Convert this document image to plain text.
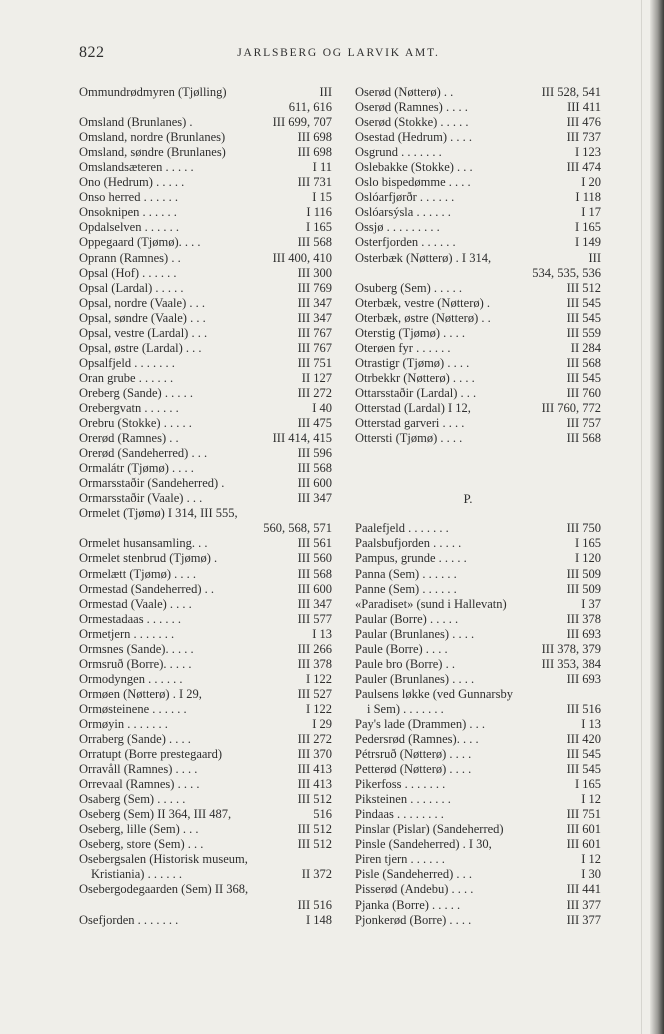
822	JARLSBERG OG LARVIK AMT.
Ommundrødmyren (Tjølling)	III
611, 616
Omsland (Brunlanes) .	III 699, 707
Omsland, nordre (Brunlanes)	III 698
Omsland, søndre (Brunlanes)	III 698
Omslandsæteren . . . . .	I 11
Ono (Hedrum) . . . . .	III 731
Onso herred . . . . . .	I 15
Onsoknipen . . . . . .	I 116
Opdalselven . . . . . .	I 165
Oppegaard (Tjømø). . . .	III 568
Oprann (Ramnes) . .	III 400, 410
Opsal (Hof) . . . . . .	III 300
Opsal (Lardal) . . . . .	III 769
Opsal, nordre (Vaale) . . .	III 347
Opsal, søndre (Vaale) . . .	III 347
Opsal, vestre (Lardal) . . .	III 767
Opsal, østre (Lardal) . . .	III 767
Opsalfjeld . . . . . . .	III 751
Oran grube . . . . . .	II 127
Oreberg (Sande) . . . . .	III 272
Orebergvatn . . . . . .	I 40
Orebru (Stokke) . . . . .	III 475
Orerød (Ramnes) . .	III 414, 415
Orerød (Sandeherred) . . .	III 596
Ormalátr (Tjømø) . . . .	III 568
Ormarsstaðir (Sandeherred) .	III 600
Ormarsstaðir (Vaale) . . .	III 347
Ormelet (Tjømø) I 314, III 555,
560, 568, 571
Ormelet husansamling. . .	III 561
Ormelet stenbrud (Tjømø) .	III 560
Ormelætt (Tjømø) . . . .	III 568
Ormestad (Sandeherred) . .	III 600
Ormestad (Vaale) . . . .	III 347
Ormestadaas . . . . . .	III 577
Ormetjern . . . . . . .	I 13
Ormsnes (Sande). . . . .	III 266
Ormsruð (Borre). . . . .	III 378
Ormodyngen . . . . . .	I 122
Ormøen (Nøtterø) . I 29,	III 527
Ormøsteinene . . . . . .	I 122
Ormøyin . . . . . . .	I 29
Orraberg (Sande) . . . .	III 272
Orratupt (Borre prestegaard)	III 370
Orravåll (Ramnes) . . . .	III 413
Orrevaal (Ramnes) . . . .	III 413
Osaberg (Sem) . . . . .	III 512
Oseberg (Sem) II 364, III 487,	516
Oseberg, lille (Sem) . . .	III 512
Oseberg, store (Sem) . . .	III 512
Osebergsalen (Historisk museum,
Kristiania) . . . . . .	II 372
Osebergodegaarden (Sem) II 368,
III 516
Osefjorden . . . . . . .	I 148
Oserød (Nøtterø) . .	III 528, 541
Oserød (Ramnes) . . . .	III 411
Oserød (Stokke) . . . . .	III 476
Osestad (Hedrum) . . . .	III 737
Osgrund . . . . . . .	I 123
Oslebakke (Stokke) . . .	III 474
Oslo bispedømme . . . .	I 20
Oslóarfjørðr . . . . . .	I 118
Oslóarsýsla . . . . . .	I 17
Ossjø . . . . . . . . .	I 165
Osterfjorden . . . . . .	I 149
Osterbæk (Nøtterø) . I 314,	III
534, 535, 536
Osuberg (Sem) . . . . .	III 512
Oterbæk, vestre (Nøtterø) .	III 545
Oterbæk, østre (Nøtterø) . .	III 545
Oterstig (Tjømø) . . . .	III 559
Oterøen fyr . . . . . .	II 284
Otrastigr (Tjømø) . . . .	III 568
Otrbekkr (Nøtterø) . . . .	III 545
Ottarsstaðir (Lardal) . . .	III 760
Otterstad (Lardal) I 12,	III 760, 772
Otterstad garveri . . . .	III 757
Ottersti (Tjømø) . . . .	III 568
P.
Paalefjeld . . . . . . .	III 750
Paalsbufjorden . . . . .	I 165
Pampus, grunde . . . . .	I 120
Panna (Sem) . . . . . .	III 509
Panne (Sem) . . . . . .	III 509
«Paradiset» (sund i Hallevatn)	I 37
Paular (Borre) . . . . .	III 378
Paular (Brunlanes) . . . .	III 693
Paule (Borre) . . . .	III 378, 379
Paule bro (Borre) . .	III 353, 384
Pauler (Brunlanes) . . . .	III 693
Paulsens løkke (ved Gunnarsby
i Sem) . . . . . . .	III 516
Pay's lade (Drammen) . . .	I 13
Pedersrød (Ramnes). . . .	III 420
Pétrsruð (Nøtterø) . . . .	III 545
Petterød (Nøtterø) . . . .	III 545
Pikerfoss . . . . . . .	I 165
Piksteinen . . . . . . .	I 12
Pindaas . . . . . . . .	III 751
Pinslar (Pislar) (Sandeherred)	III 601
Pinsle (Sandeherred) . I 30,	III 601
Piren tjern . . . . . .	I 12
Pisle (Sandeherred) . . .	I 30
Pisserød (Andebu) . . . .	III 441
Pjanka (Borre) . . . . .	III 377
Pjonkerød (Borre) . . . .	III 377
